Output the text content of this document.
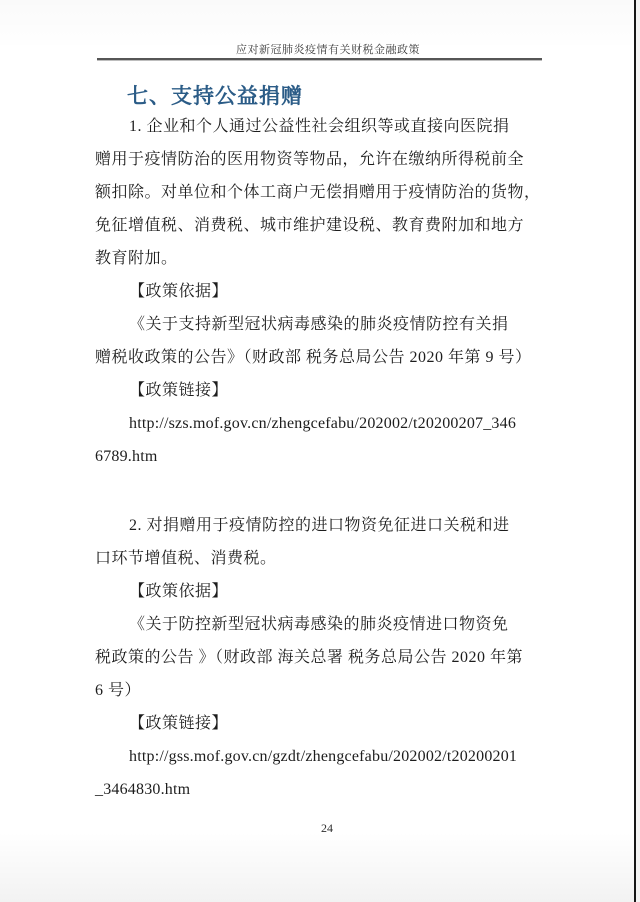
应对新冠肺炎疫情有关财税金融政策
七、支持公益捐赠
1. 企业和个人通过公益性社会组织等或直接向医院捐
赠用于疫情防治的医用物资等物品，允许在缴纳所得税前全
额扣除。对单位和个体工商户无偿捐赠用于疫情防治的货物，
免征增值税、消费税、城市维护建设税、教育费附加和地方
教育附加。
【政策依据】
《关于支持新型冠状病毒感染的肺炎疫情防控有关捐
赠税收政策的公告》（财政部 税务总局公告 2020 年第 9 号）
【政策链接】
http://szs.mof.gov.cn/zhengcefabu/202002/t20200207_346
6789.htm
2. 对捐赠用于疫情防控的进口物资免征进口关税和进
口环节增值税、消费税。
【政策依据】
《关于防控新型冠状病毒感染的肺炎疫情进口物资免
税政策的公告 》（财政部 海关总署 税务总局公告 2020 年第
6 号）
【政策链接】
http://gss.mof.gov.cn/gzdt/zhengcefabu/202002/t20200201
_3464830.htm
24
